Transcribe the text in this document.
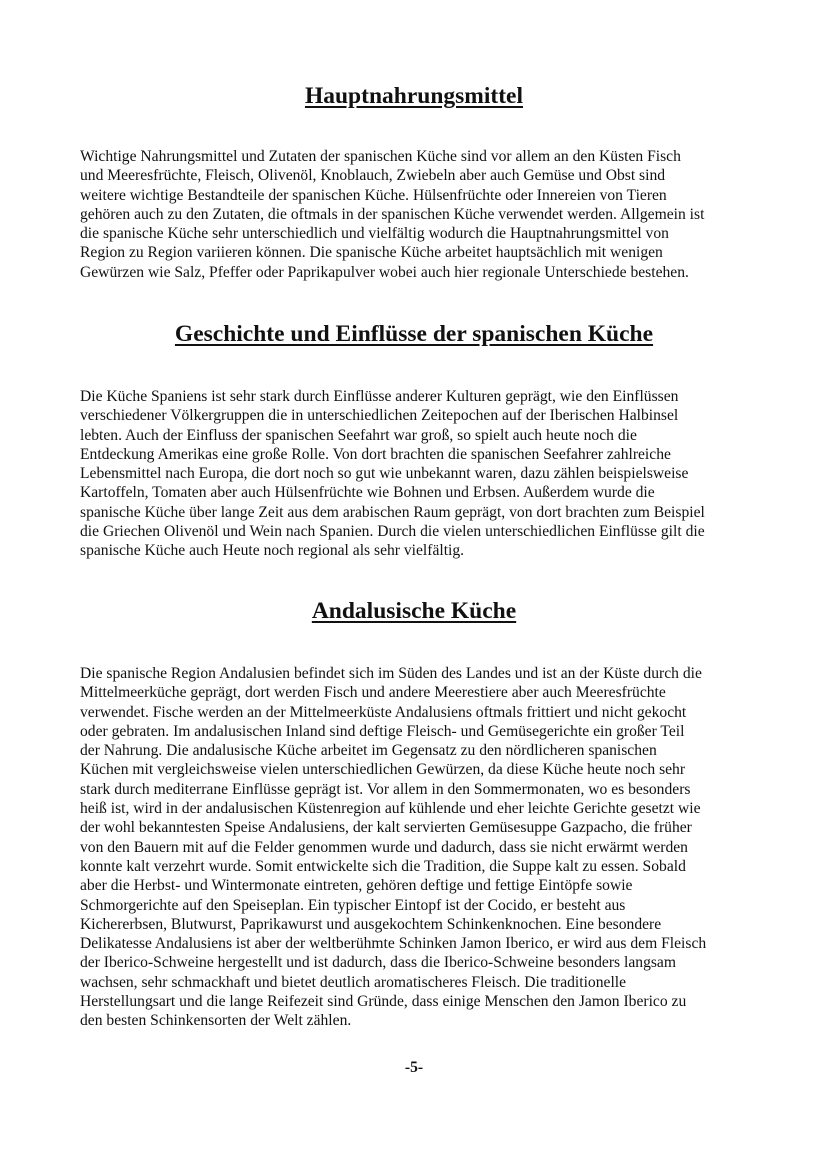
Hauptnahrungsmittel
Wichtige Nahrungsmittel und Zutaten der spanischen Küche sind vor allem an den Küsten Fisch
und Meeresfrüchte, Fleisch, Olivenöl, Knoblauch, Zwiebeln aber auch Gemüse und Obst sind
weitere wichtige Bestandteile der spanischen Küche. Hülsenfrüchte oder Innereien von Tieren
gehören auch zu den Zutaten, die oftmals in der spanischen Küche verwendet werden. Allgemein ist
die spanische Küche sehr unterschiedlich und vielfältig wodurch die Hauptnahrungsmittel von
Region zu Region variieren können. Die spanische Küche arbeitet hauptsächlich mit wenigen
Gewürzen wie Salz, Pfeffer oder Paprikapulver wobei auch hier regionale Unterschiede bestehen.
Geschichte und Einflüsse der spanischen Küche
Die Küche Spaniens ist sehr stark durch Einflüsse anderer Kulturen geprägt, wie den Einflüssen
verschiedener Völkergruppen die in unterschiedlichen Zeitepochen auf der Iberischen Halbinsel
lebten. Auch der Einfluss der spanischen Seefahrt war groß, so spielt auch heute noch die
Entdeckung Amerikas eine große Rolle. Von dort brachten die spanischen Seefahrer zahlreiche
Lebensmittel nach Europa, die dort noch so gut wie unbekannt waren, dazu zählen beispielsweise
Kartoffeln, Tomaten aber auch Hülsenfrüchte wie Bohnen und Erbsen. Außerdem wurde die
spanische Küche über lange Zeit aus dem arabischen Raum geprägt, von dort brachten zum Beispiel
die Griechen Olivenöl und Wein nach Spanien. Durch die vielen unterschiedlichen Einflüsse gilt die
spanische Küche auch Heute noch regional als sehr vielfältig.
Andalusische Küche
Die spanische Region Andalusien befindet sich im Süden des Landes und ist an der Küste durch die
Mittelmeerküche geprägt, dort werden Fisch und andere Meerestiere aber auch Meeresfrüchte
verwendet. Fische werden an der Mittelmeerküste Andalusiens oftmals frittiert und nicht gekocht
oder gebraten. Im andalusischen Inland sind deftige Fleisch- und Gemüsegerichte ein großer Teil
der Nahrung. Die andalusische Küche arbeitet im Gegensatz zu den nördlicheren spanischen
Küchen mit vergleichsweise vielen unterschiedlichen Gewürzen, da diese Küche heute noch sehr
stark durch mediterrane Einflüsse geprägt ist. Vor allem in den Sommermonaten, wo es besonders
heiß ist, wird in der andalusischen Küstenregion auf kühlende und eher leichte Gerichte gesetzt wie
der wohl bekanntesten Speise Andalusiens, der kalt servierten Gemüsesuppe Gazpacho, die früher
von den Bauern mit auf die Felder genommen wurde und dadurch, dass sie nicht erwärmt werden
konnte kalt verzehrt wurde. Somit entwickelte sich die Tradition, die Suppe kalt zu essen. Sobald
aber die Herbst- und Wintermonate eintreten, gehören deftige und fettige Eintöpfe sowie
Schmorgerichte auf den Speiseplan. Ein typischer Eintopf ist der Cocido, er besteht aus
Kichererbsen, Blutwurst, Paprikawurst und ausgekochtem Schinkenknochen. Eine besondere
Delikatesse Andalusiens ist aber der weltberühmte Schinken Jamon Iberico, er wird aus dem Fleisch
der Iberico-Schweine hergestellt und ist dadurch, dass die Iberico-Schweine besonders langsam
wachsen, sehr schmackhaft und bietet deutlich aromatischeres Fleisch. Die traditionelle
Herstellungsart und die lange Reifezeit sind Gründe, dass einige Menschen den Jamon Iberico zu
den besten Schinkensorten der Welt zählen.
-5-
